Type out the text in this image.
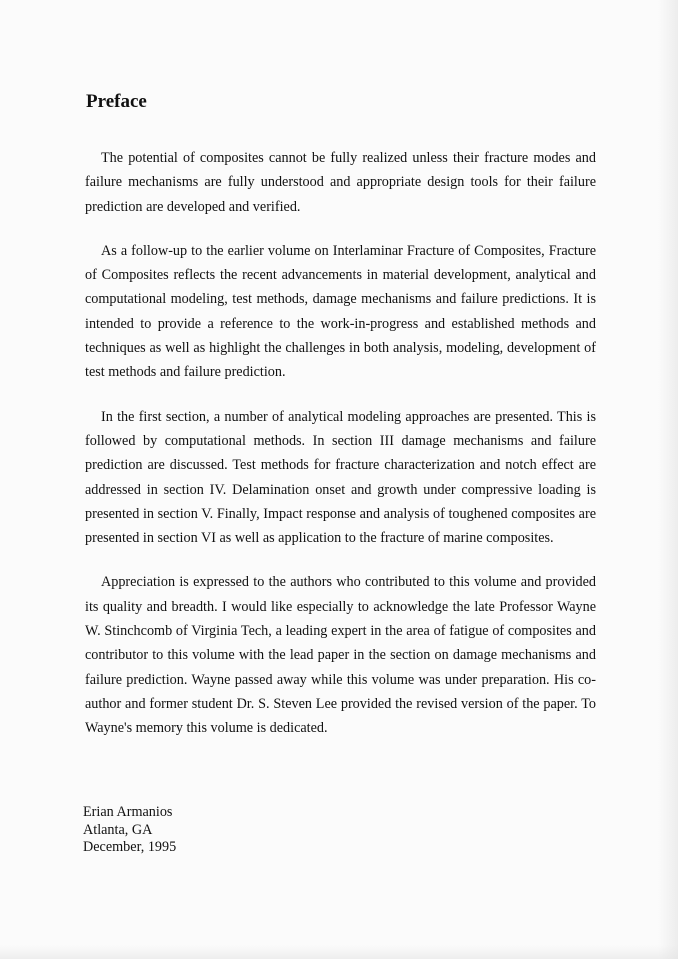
Preface

The potential of composites cannot be fully realized unless their fracture modes and failure mechanisms are fully understood and appropriate design tools for their failure prediction are developed and verified.

As a follow-up to the earlier volume on Interlaminar Fracture of Composites, Fracture of Composites reflects the recent advancements in material development, analytical and computational modeling, test methods, damage mechanisms and failure predictions. It is intended to provide a reference to the work-in-progress and established methods and techniques as well as highlight the challenges in both analysis, modeling, development of test methods and failure prediction.

In the first section, a number of analytical modeling approaches are presented. This is followed by computational methods. In section III damage mechanisms and failure prediction are discussed. Test methods for fracture characterization and notch effect are addressed in section IV. Delamination onset and growth under compressive loading is presented in section V. Finally, Impact response and analysis of toughened composites are presented in section VI as well as application to the fracture of marine composites.

Appreciation is expressed to the authors who contributed to this volume and provided its quality and breadth. I would like especially to acknowledge the late Professor Wayne W. Stinchcomb of Virginia Tech, a leading expert in the area of fatigue of composites and contributor to this volume with the lead paper in the section on damage mechanisms and failure prediction. Wayne passed away while this volume was under preparation. His co-author and former student Dr. S. Steven Lee provided the revised version of the paper. To Wayne's memory this volume is dedicated.

Erian Armanios
Atlanta, GA
December, 1995
